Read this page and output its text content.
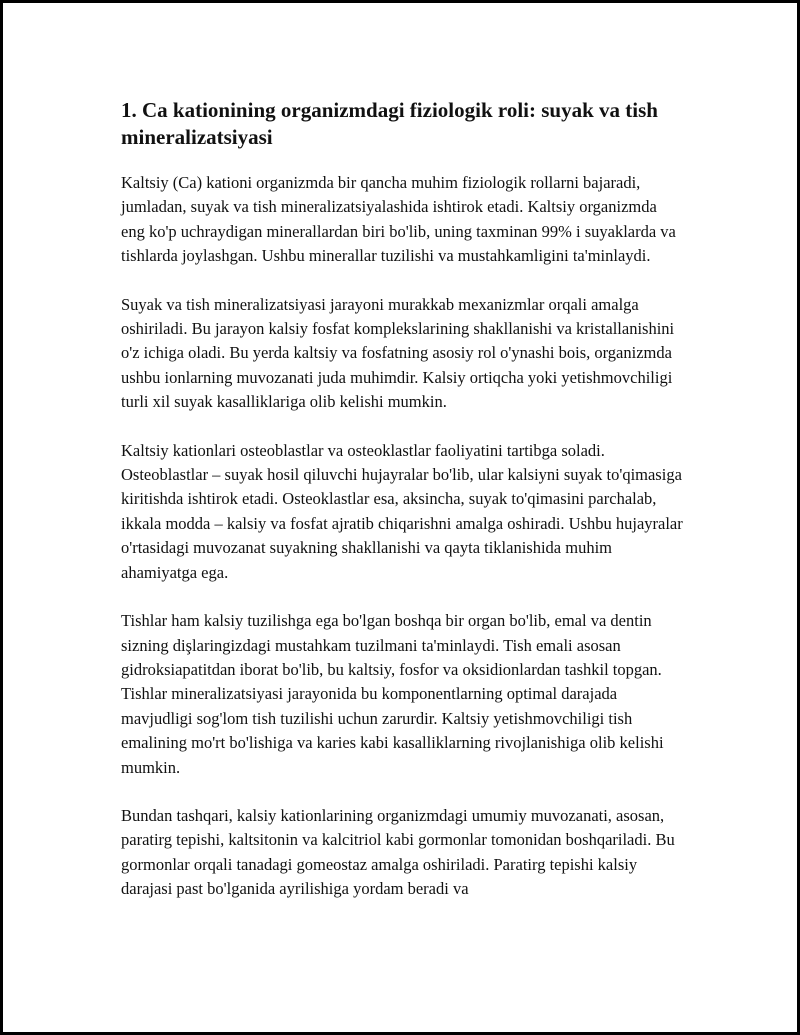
1. Ca kationining organizmdagi fiziologik roli: suyak va tish mineralizatsiyasi

Kaltsiy (Ca) kationi organizmda bir qancha muhim fiziologik rollarni bajaradi, jumladan, suyak va tish mineralizatsiyalashida ishtirok etadi. Kaltsiy organizmda eng ko'p uchraydigan minerallardan biri bo'lib, uning taxminan 99% i suyaklarda va tishlarda joylashgan. Ushbu minerallar tuzilishi va mustahkamligini ta'minlaydi.

Suyak va tish mineralizatsiyasi jarayoni murakkab mexanizmlar orqali amalga oshiriladi. Bu jarayon kalsiy fosfat komplekslarining shakllanishi va kristallanishini o'z ichiga oladi. Bu yerda kaltsiy va fosfatning asosiy rol o'ynashi bois, organizmda ushbu ionlarning muvozanati juda muhimdir. Kalsiy ortiqcha yoki yetishmovchiligi turli xil suyak kasalliklariga olib kelishi mumkin.

Kaltsiy kationlari osteoblastlar va osteoklastlar faoliyatini tartibga soladi. Osteoblastlar – suyak hosil qiluvchi hujayralar bo'lib, ular kalsiyni suyak to'qimasiga kiritishda ishtirok etadi. Osteoklastlar esa, aksincha, suyak to'qimasini parchalab, ikkala modda – kalsiy va fosfat ajratib chiqarishni amalga oshiradi. Ushbu hujayralar o'rtasidagi muvozanat suyakning shakllanishi va qayta tiklanishida muhim ahamiyatga ega.

Tishlar ham kalsiy tuzilishga ega bo'lgan boshqa bir organ bo'lib, emal va dentin sizning dişlaringizdagi mustahkam tuzilmani ta'minlaydi. Tish emali asosan gidroksiapatitdan iborat bo'lib, bu kaltsiy, fosfor va oksidionlardan tashkil topgan. Tishlar mineralizatsiyasi jarayonida bu komponentlarning optimal darajada mavjudligi sog'lom tish tuzilishi uchun zarurdir. Kaltsiy yetishmovchiligi tish emalining mo'rt bo'lishiga va karies kabi kasalliklarning rivojlanishiga olib kelishi mumkin.

Bundan tashqari, kalsiy kationlarining organizmdagi umumiy muvozanati, asosan, paratirg tepishi, kaltsitonin va kalcitriol kabi gormonlar tomonidan boshqariladi. Bu gormonlar orqali tanadagi gomeostaz amalga oshiriladi. Paratirg tepishi kalsiy darajasi past bo'lganida ayrilishiga yordam beradi va
